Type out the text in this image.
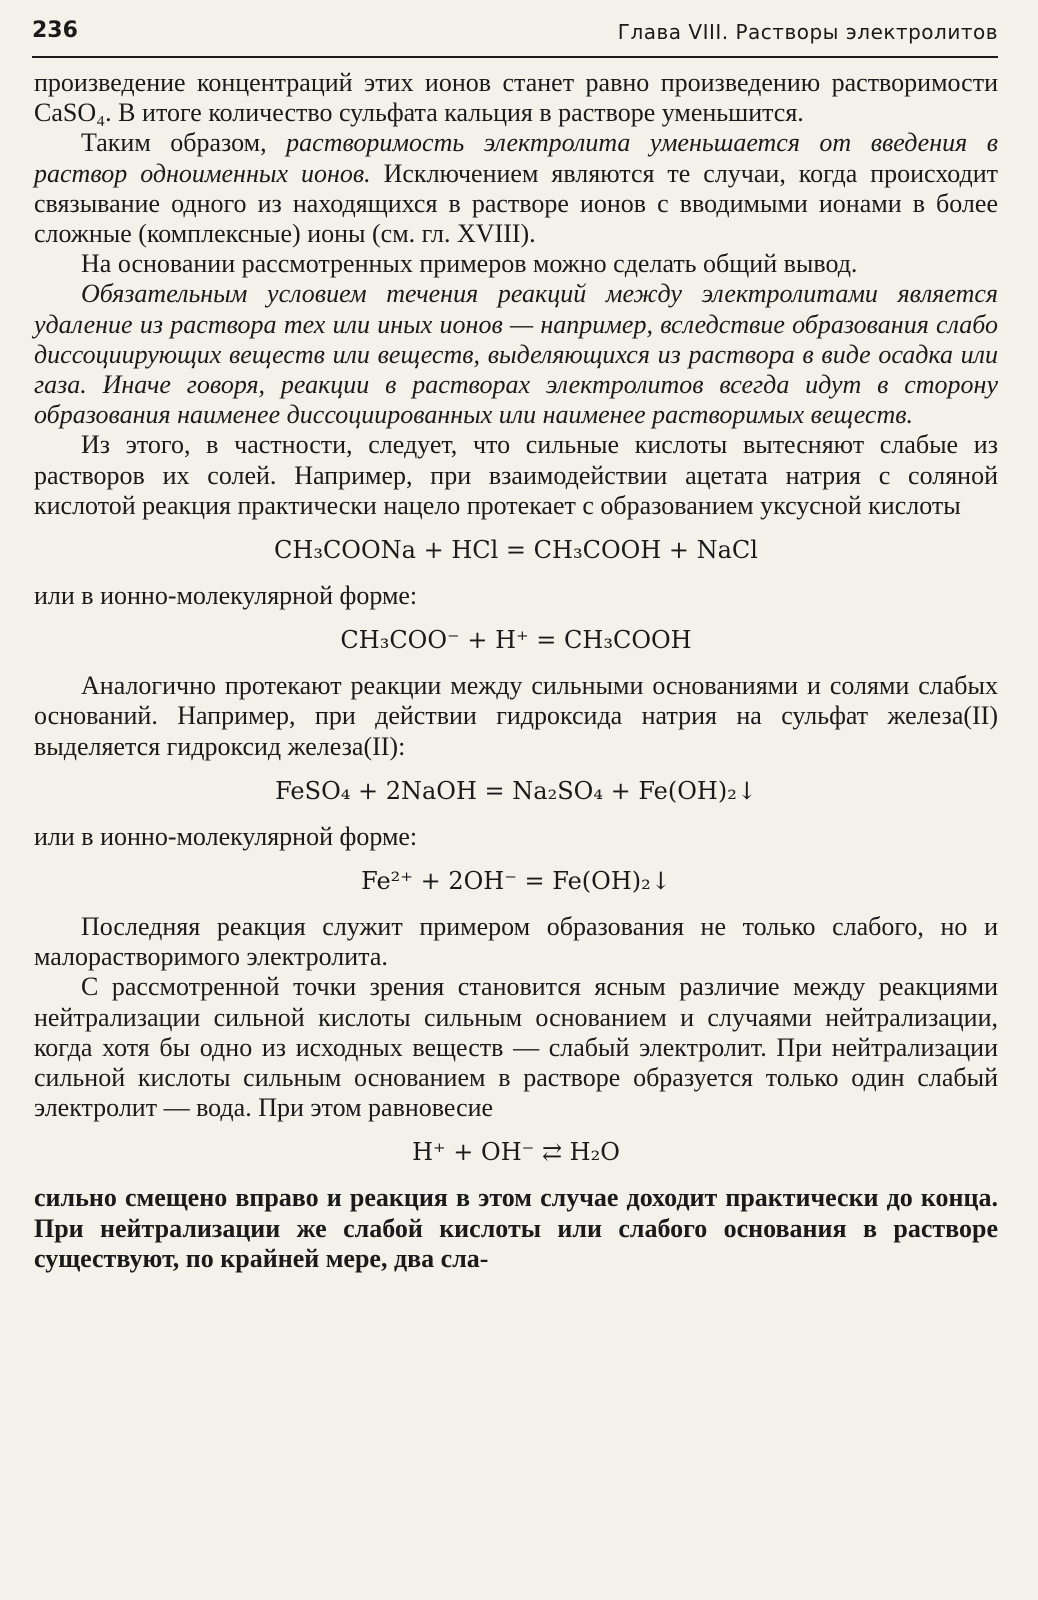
236	Глава VIII. Растворы электролитов

произведение концентраций этих ионов станет равно произведению растворимости CaSO₄. В итоге количество сульфата кальция в растворе уменьшится.

Таким образом, растворимость электролита уменьшается от введения в раствор одноименных ионов. Исключением являются те случаи, когда происходит связывание одного из находящихся в растворе ионов с вводимыми ионами в более сложные (комплексные) ионы (см. гл. XVIII).

На основании рассмотренных примеров можно сделать общий вывод.

Обязательным условием течения реакций между электролитами является удаление из раствора тех или иных ионов — например, вследствие образования слабо диссоциирующих веществ или веществ, выделяющихся из раствора в виде осадка или газа. Иначе говоря, реакции в растворах электролитов всегда идут в сторону образования наименее диссоциированных или наименее растворимых веществ.

Из этого, в частности, следует, что сильные кислоты вытесняют слабые из растворов их солей. Например, при взаимодействии ацетата натрия с соляной кислотой реакция практически нацело протекает с образованием уксусной кислоты

CH₃COONa + HCl = CH₃COOH + NaCl

или в ионно-молекулярной форме:

CH₃COO⁻ + H⁺ = CH₃COOH

Аналогично протекают реакции между сильными основаниями и солями слабых оснований. Например, при действии гидроксида натрия на сульфат железа(II) выделяется гидроксид железа(II):

FeSO₄ + 2NaOH = Na₂SO₄ + Fe(OH)₂↓

или в ионно-молекулярной форме:

Fe²⁺ + 2OH⁻ = Fe(OH)₂↓

Последняя реакция служит примером образования не только слабого, но и малорастворимого электролита.

С рассмотренной точки зрения становится ясным различие между реакциями нейтрализации сильной кислоты сильным основанием и случаями нейтрализации, когда хотя бы одно из исходных веществ — слабый электролит. При нейтрализации сильной кислоты сильным основанием в растворе образуется только один слабый электролит — вода. При этом равновесие

H⁺ + OH⁻ ⇄ H₂O

сильно смещено вправо и реакция в этом случае доходит практически до конца. При нейтрализации же слабой кислоты или слабого основания в растворе существуют, по крайней мере, два сла-
